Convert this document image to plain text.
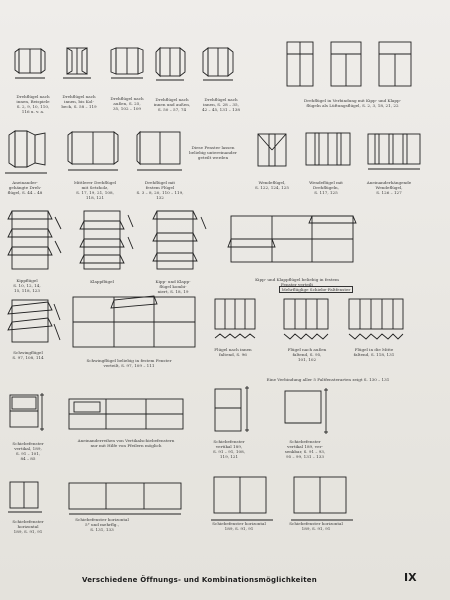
Drehflügel nach
innen, Beispiele
S. 2, 9, 10, 110,
116 u. v. a.
Drehflügel nach
innen, bis Kol-
beck, S. 58 – 119
Drehflügel nach
außen, S. 25,
35, 102 – 109
Drehflügel nach
innen und außen,
S. 50 – 57, 74
Drehflügel nach
innen, S. 28 – 35,
42 – 45, 131 – 138
Drehflügel in Verbindung mit Kipp- und Klapp-
flügeln als Lüftungsflügel, S. 2, 3, 18, 21, 22
Aneinander-
gehängte Dreh-
flügel, S. 44 – 48
Mittlerer Drehflügel
mit Setzholz,
S. 17, 19, 21, 108,
118, 121
Drehflügel mit
festem Flügel
S. 3 – 8, 20, 110 – 119,
132
Diese Fenster lassen
beliebig untereinander
geteilt werden
Wendeflügel,
S. 122, 124, 125
Wendeflügel mit
Drehflügeln,
S. 117, 125
Aneinanderhängende
Wendeflügel,
S. 126 – 127
Kippflügel
S. 10, 12, 14,
15, 118, 123
Klappflügel	Kipp- und Klapp-
flügel kombi-
niert, S. 18, 19
Kipp- und Klappflügel beliebig in festem
Fenster verteilt

Mehrflüglige Schiebe-Faltfenster

Schwingflügel
S. 97, 108, 114
Schwingflügel beliebig in festem Fenster
verteilt, S. 97, 109 – 111
Flügel nach innen
faltend, S. 96
Flügel nach außen
faltend, S. 95,
101, 102
Flügel in die Mitte
faltend, S. 118, 131
Eine Verbindung aller 5 Faltfensterarten zeigt S. 130 – 131
Schiebefenster
vertikal, 189,
S. 91 – 101,
84 – 85
Aneinanderreihen von Vertikalschiebefenstern
nur mit Hilfe von Pfeilern möglich
Schiebefenster
vertikal 189,
S. 91 – 91, 108,
119, 121
Schiebefenster
vertikal 189, ver-
senkbar, S. 91 – 93,
95 – 99, 131 – 133
Schiebefenster
horizontal
189, S. 91, 91
Schiebefenster horizontal
5° und mehrflg.,
S. 131, 133
Schiebefenster horizontal
189, S. 91, 91
Schiebefenster horizontal
189, S. 91, 91
Verschiedene Öffnungs- und Kombinationsmöglichkeiten	IX
